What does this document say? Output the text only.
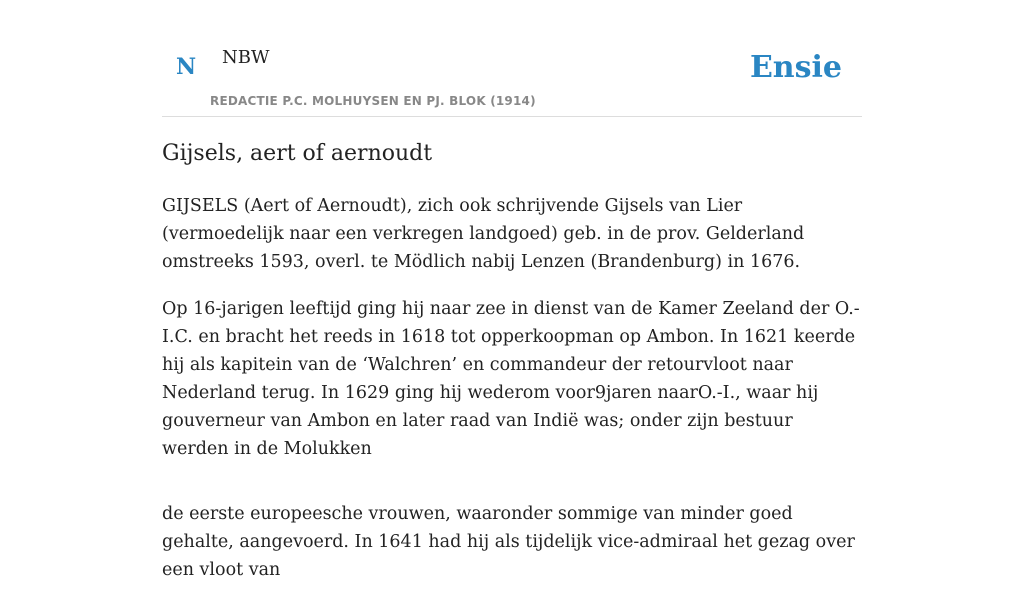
N NBW
REDACTIE P.C. MOLHUYSEN EN PJ. BLOK (1914)
Ensie
Gijsels, aert of aernoudt

GIJSELS (Aert of Aernoudt), zich ook schrijvende Gijsels van Lier (vermoedelijk naar een verkregen landgoed) geb. in de prov. Gelderland omstreeks 1593, overl. te Mödlich nabij Lenzen (Brandenburg) in 1676.

Op 16-jarigen leeftijd ging hij naar zee in dienst van de Kamer Zeeland der O.-I.C. en bracht het reeds in 1618 tot opperkoopman op Ambon. In 1621 keerde hij als kapitein van de ‘Walchren’ en commandeur der retourvloot naar Nederland terug. In 1629 ging hij wederom voor9jaren naarO.-I., waar hij gouverneur van Ambon en later raad van Indië was; onder zijn bestuur werden in de Molukken

de eerste europeesche vrouwen, waaronder sommige van minder goed gehalte, aangevoerd. In 1641 had hij als tijdelijk vice-admiraal het gezag over een vloot van
